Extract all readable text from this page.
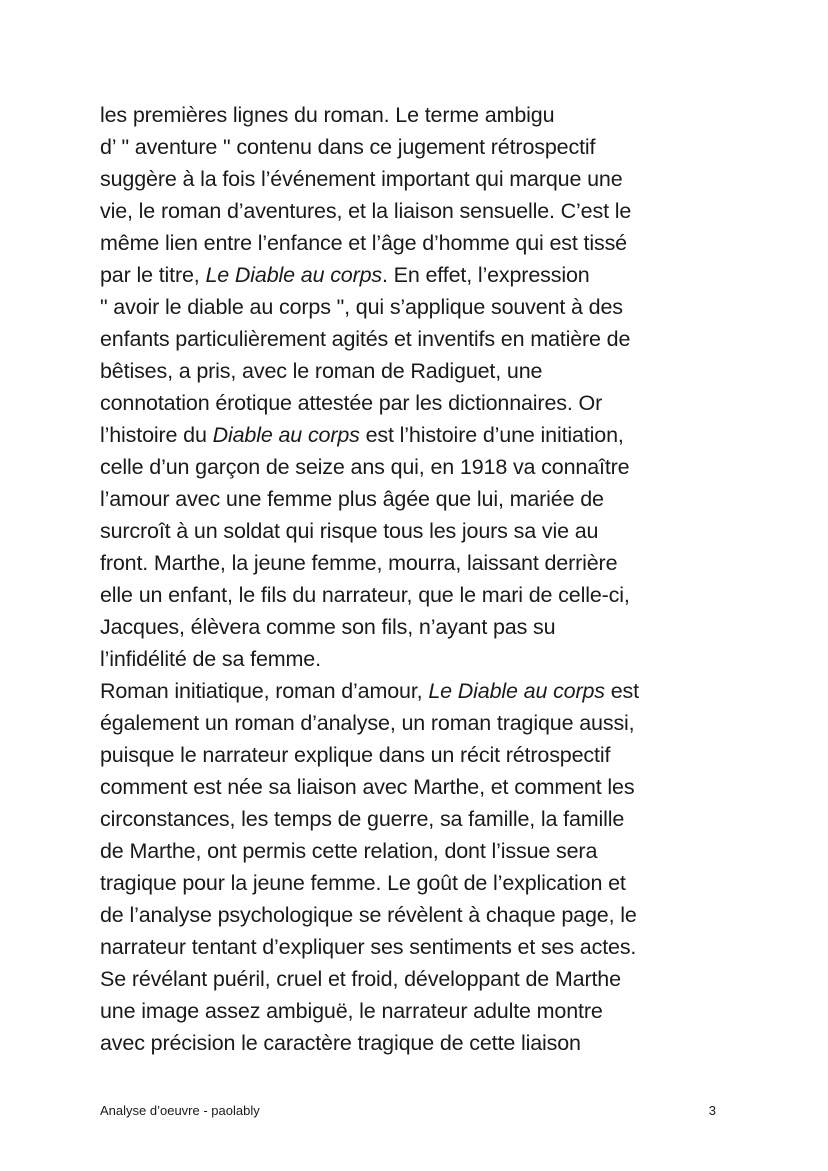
les premières lignes du roman. Le terme ambigu
d’ " aventure " contenu dans ce jugement rétrospectif
suggère à la fois l’événement important qui marque une
vie, le roman d’aventures, et la liaison sensuelle. C’est le
même lien entre l’enfance et l’âge d’homme qui est tissé
par le titre, Le Diable au corps. En effet, l’expression
" avoir le diable au corps ", qui s’applique souvent à des
enfants particulièrement agités et inventifs en matière de
bêtises, a pris, avec le roman de Radiguet, une
connotation érotique attestée par les dictionnaires. Or
l’histoire du Diable au corps est l’histoire d’une initiation,
celle d’un garçon de seize ans qui, en 1918 va connaître
l’amour avec une femme plus âgée que lui, mariée de
surcroît à un soldat qui risque tous les jours sa vie au
front. Marthe, la jeune femme, mourra, laissant derrière
elle un enfant, le fils du narrateur, que le mari de celle-ci,
Jacques, élèvera comme son fils, n’ayant pas su
l’infidélité de sa femme.
Roman initiatique, roman d’amour, Le Diable au corps est
également un roman d’analyse, un roman tragique aussi,
puisque le narrateur explique dans un récit rétrospectif
comment est née sa liaison avec Marthe, et comment les
circonstances, les temps de guerre, sa famille, la famille
de Marthe, ont permis cette relation, dont l’issue sera
tragique pour la jeune femme. Le goût de l’explication et
de l’analyse psychologique se révèlent à chaque page, le
narrateur tentant d’expliquer ses sentiments et ses actes.
Se révélant puéril, cruel et froid, développant de Marthe
une image assez ambiguë, le narrateur adulte montre
avec précision le caractère tragique de cette liaison
Analyse d’oeuvre - paolably	3
